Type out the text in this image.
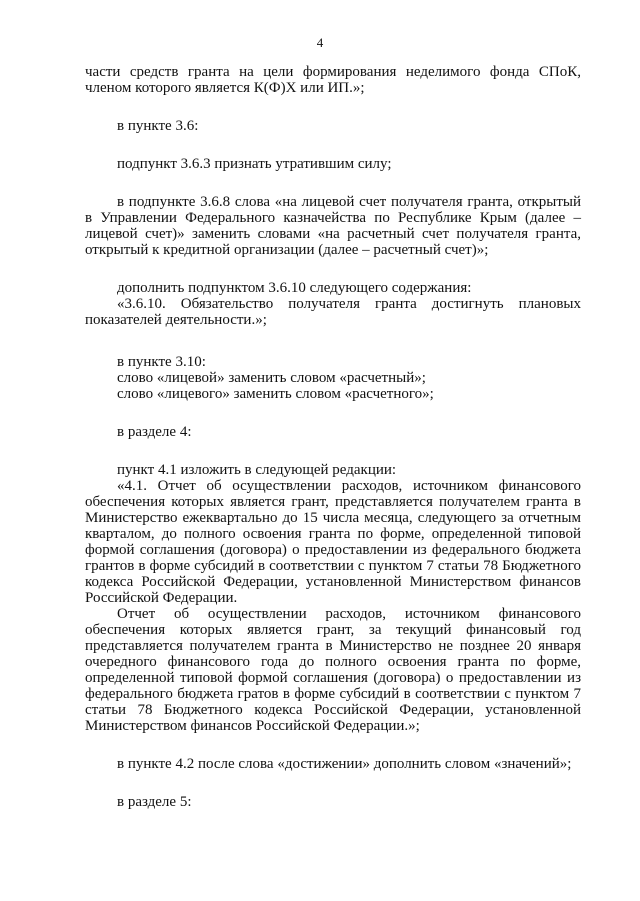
4

части средств гранта на цели формирования неделимого фонда СПоК, членом которого является К(Ф)Х или ИП.»;

в пункте 3.6:

подпункт 3.6.3 признать утратившим силу;

в подпункте 3.6.8 слова «на лицевой счет получателя гранта, открытый в Управлении Федерального казначейства по Республике Крым (далее – лицевой счет)» заменить словами «на расчетный счет получателя гранта, открытый к кредитной организации (далее – расчетный счет)»;

дополнить подпунктом 3.6.10 следующего содержания:

«3.6.10. Обязательство получателя гранта достигнуть плановых показателей деятельности.»;

в пункте 3.10:

слово «лицевой» заменить словом «расчетный»;

слово «лицевого» заменить словом «расчетного»;

в разделе 4:

пункт 4.1 изложить в следующей редакции:

«4.1. Отчет об осуществлении расходов, источником финансового обеспечения которых является грант, представляется получателем гранта в Министерство ежеквартально до 15 числа месяца, следующего за отчетным кварталом, до полного освоения гранта по форме, определенной типовой формой соглашения (договора) о предоставлении из федерального бюджета грантов в форме субсидий в соответствии с пунктом 7 статьи 78 Бюджетного кодекса Российской Федерации, установленной Министерством финансов Российской Федерации.

Отчет об осуществлении расходов, источником финансового обеспечения которых является грант, за текущий финансовый год представляется получателем гранта в Министерство не позднее 20 января очередного финансового года до полного освоения гранта по форме, определенной типовой формой соглашения (договора) о предоставлении из федерального бюджета гратов в форме субсидий в соответствии с пунктом 7 статьи 78 Бюджетного кодекса Российской Федерации, установленной Министерством финансов Российской Федерации.»;

в пункте 4.2 после слова «достижении» дополнить словом «значений»;

в разделе 5:
